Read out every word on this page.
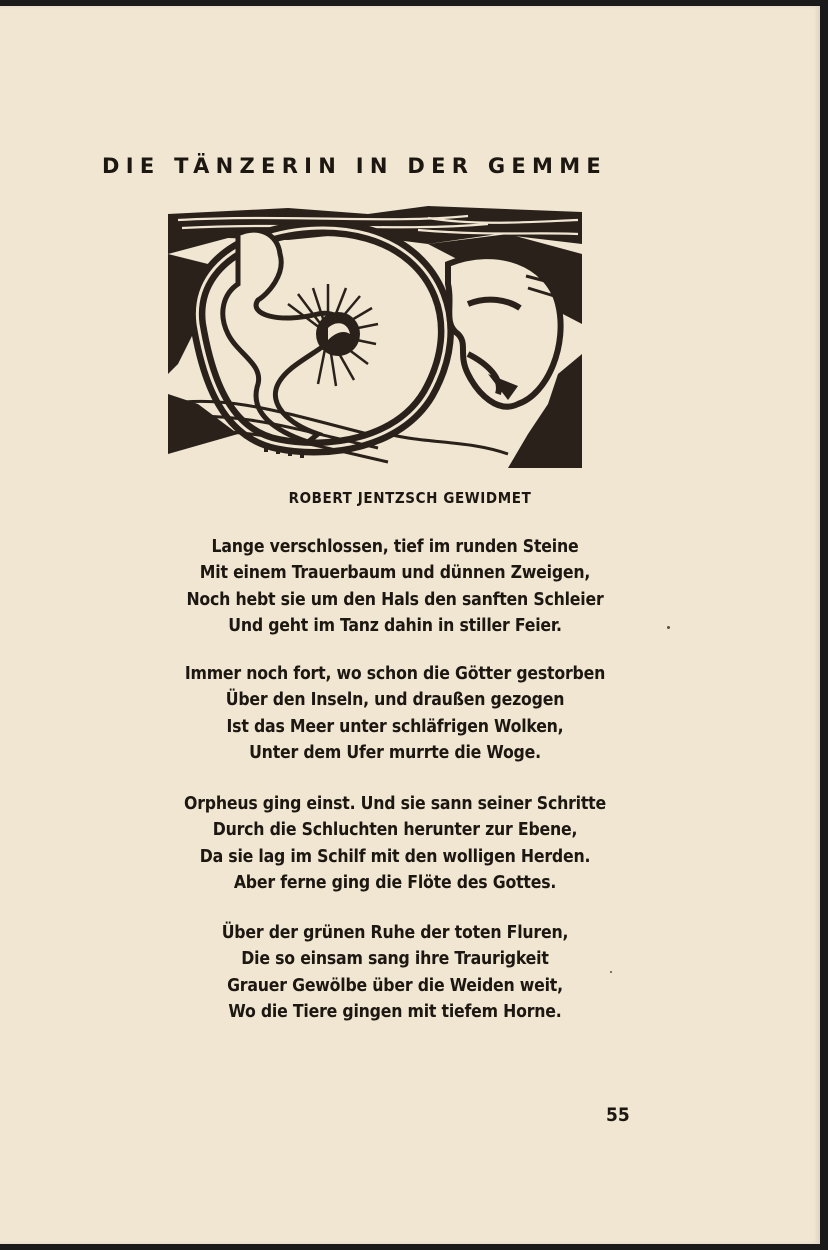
DIE TÄNZERIN IN DER GEMME

ROBERT JENTZSCH GEWIDMET

Lange verschlossen, tief im runden Steine
Mit einem Trauerbaum und dünnen Zweigen,
Noch hebt sie um den Hals den sanften Schleier
Und geht im Tanz dahin in stiller Feier.
Immer noch fort, wo schon die Götter gestorben
Über den Inseln, und draußen gezogen
Ist das Meer unter schläfrigen Wolken,
Unter dem Ufer murrte die Woge.
Orpheus ging einst. Und sie sann seiner Schritte
Durch die Schluchten herunter zur Ebene,
Da sie lag im Schilf mit den wolligen Herden.
Aber ferne ging die Flöte des Gottes.
Über der grünen Ruhe der toten Fluren,
Die so einsam sang ihre Traurigkeit
Grauer Gewölbe über die Weiden weit,
Wo die Tiere gingen mit tiefem Horne.

55
